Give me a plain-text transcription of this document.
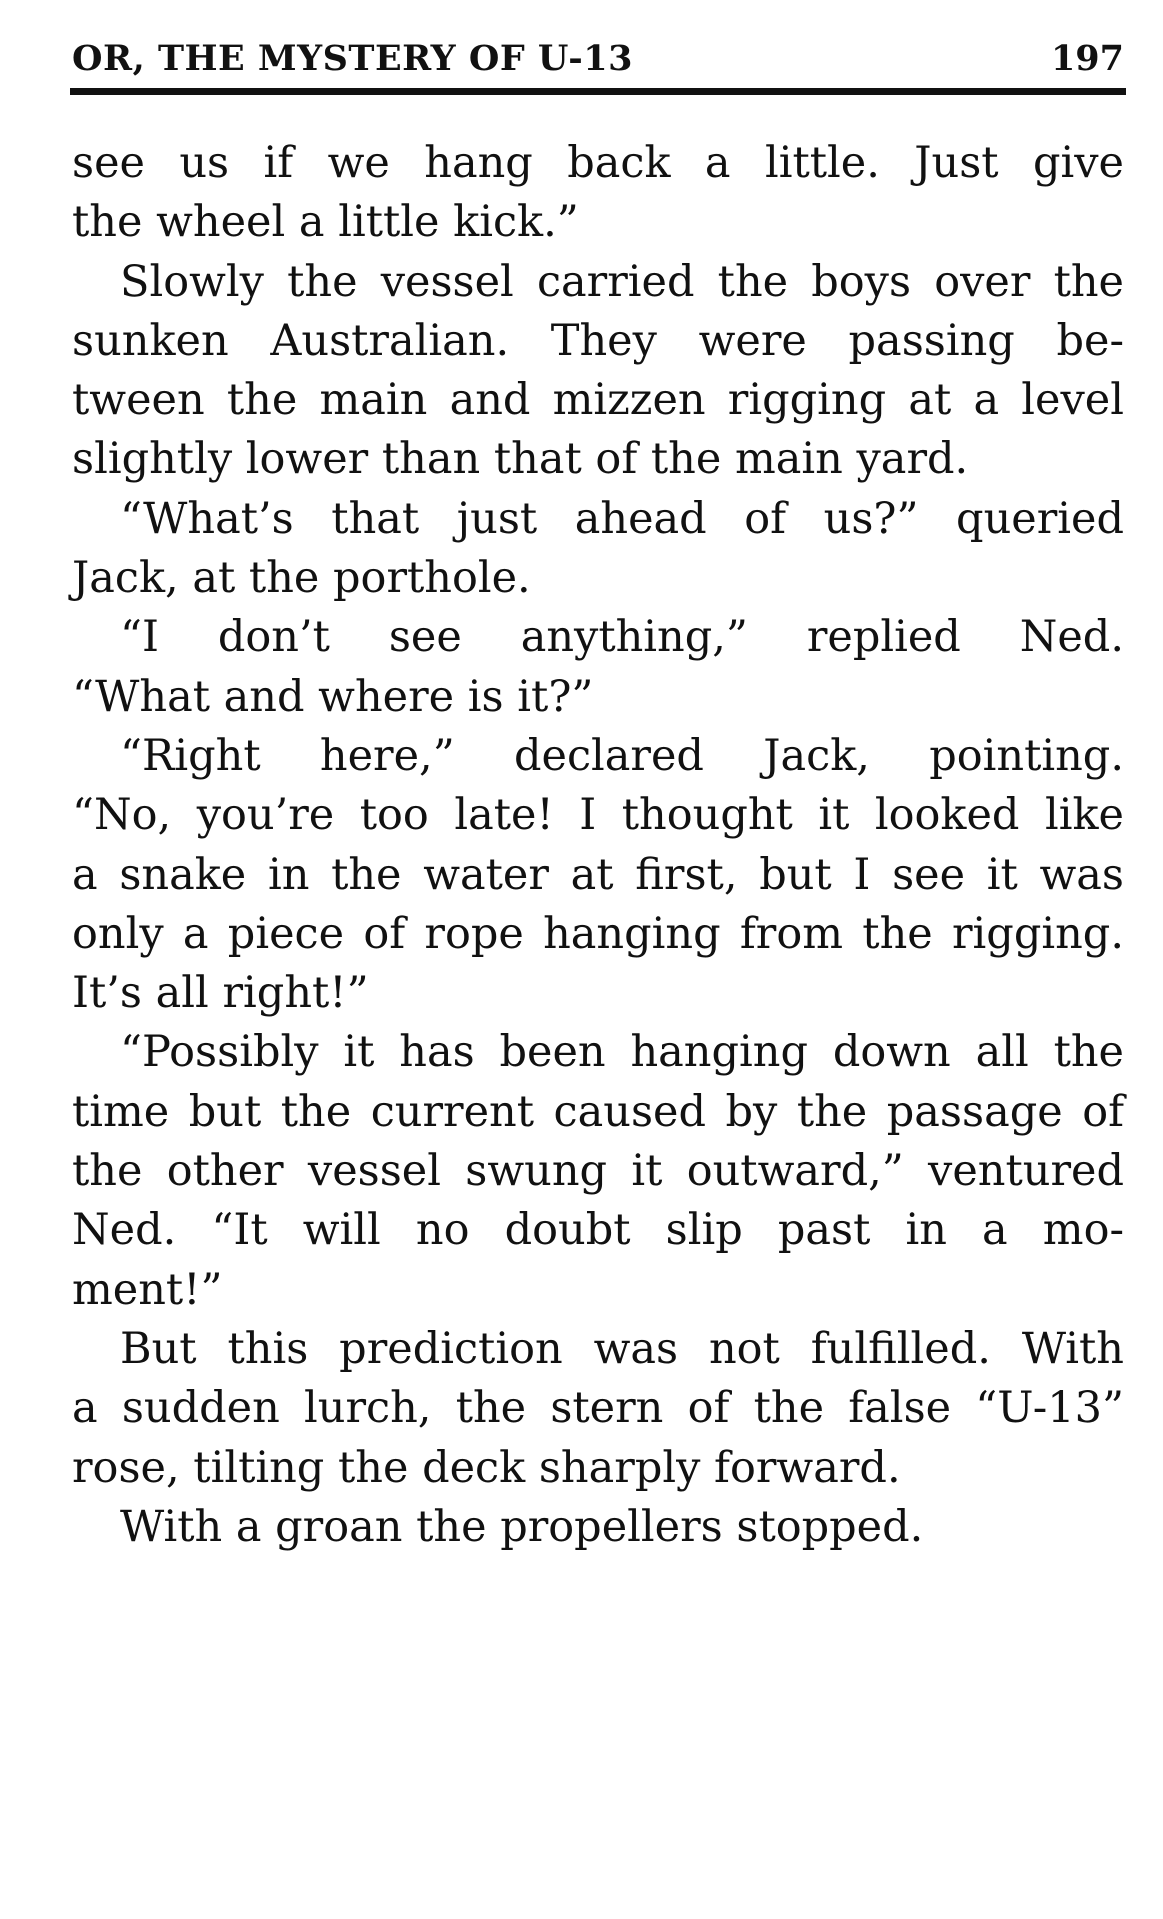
OR, THE MYSTERY OF U-13	197
see us if we hang back a little. Just give
the wheel a little kick.”
Slowly the vessel carried the boys over the
sunken Australian. They were passing be-
tween the main and mizzen rigging at a level
slightly lower than that of the main yard.
“What’s that just ahead of us?” queried
Jack, at the porthole.
“I don’t see anything,” replied Ned.
“What and where is it?”
“Right here,” declared Jack, pointing.
“No, you’re too late! I thought it looked like
a snake in the water at first, but I see it was
only a piece of rope hanging from the rigging.
It’s all right!”
“Possibly it has been hanging down all the
time but the current caused by the passage of
the other vessel swung it outward,” ventured
Ned. “It will no doubt slip past in a mo-
ment!”
But this prediction was not fulfilled. With
a sudden lurch, the stern of the false “U-13”
rose, tilting the deck sharply forward.
With a groan the propellers stopped.
